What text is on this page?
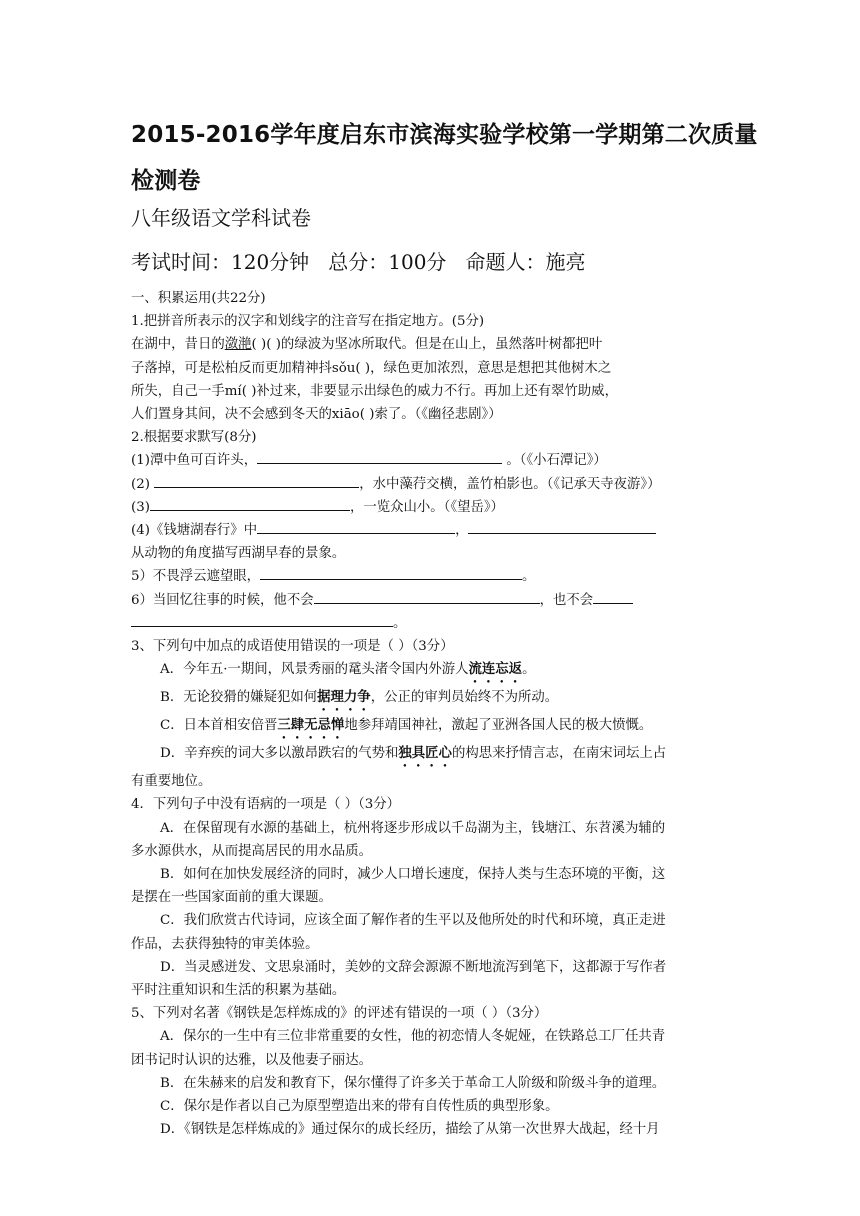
2015-2016学年度启东市滨海实验学校第一学期第二次质量检测卷
八年级语文学科试卷
考试时间：120分钟   总分：100分   命题人：施亮

一、积累运用(共22分)

1.把拼音所表示的汉字和划线字的注音写在指定地方。(5分)

在湖中，昔日的潋滟( )( )的绿波为坚冰所取代。但是在山上，虽然落叶树都把叶

子落掉，可是松柏反而更加精神抖sǒu( )，绿色更加浓烈，意思是想把其他树木之

所失，自己一手mí( )补过来，非要显示出绿色的威力不行。再加上还有翠竹助威，

人们置身其间，决不会感到冬天的xiāo( )索了。（《幽径悲剧》）

2.根据要求默写(8分)

(1)潭中鱼可百许头，	。（《小石潭记》）

(2)	，水中藻荇交横，盖竹柏影也。（《记承天寺夜游》）

(3)	，一览众山小。（《望岳》）

(4)《钱塘湖春行》中	，

从动物的角度描写西湖早春的景象。

5）不畏浮云遮望眼，	。

6）当回忆往事的时候，他不会	，也不会

。

3、下列句中加点的成语使用错误的一项是（ ）（3分）

A．今年五·一期间，风景秀丽的鼋头渚令国内外游人流连忘返。

B．无论狡猾的嫌疑犯如何据理力争，公正的审判员始终不为所动。

C．日本首相安倍晋三肆无忌惮地参拜靖国神社，激起了亚洲各国人民的极大愤慨。

D．辛弃疾的词大多以激昂跌宕的气势和独具匠心的构思来抒情言志，在南宋词坛上占

有重要地位。

4．下列句子中没有语病的一项是（ ）（3分）

A．在保留现有水源的基础上，杭州将逐步形成以千岛湖为主，钱塘江、东苕溪为辅的

多水源供水，从而提高居民的用水品质。

B．如何在加快发展经济的同时，减少人口增长速度，保持人类与生态环境的平衡，这

是摆在一些国家面前的重大课题。

C．我们欣赏古代诗词，应该全面了解作者的生平以及他所处的时代和环境，真正走进

作品，去获得独特的审美体验。

D．当灵感迸发、文思泉涌时，美妙的文辞会源源不断地流泻到笔下，这都源于写作者

平时注重知识和生活的积累为基础。

5、下列对名著《钢铁是怎样炼成的》的评述有错误的一项（ ）（3分）

A．保尔的一生中有三位非常重要的女性，他的初恋情人冬妮娅，在铁路总工厂任共青

团书记时认识的达雅，以及他妻子丽达。

B．在朱赫来的启发和教育下，保尔懂得了许多关于革命工人阶级和阶级斗争的道理。

C．保尔是作者以自己为原型塑造出来的带有自传性质的典型形象。

D．《钢铁是怎样炼成的》通过保尔的成长经历，描绘了从第一次世界大战起，经十月
